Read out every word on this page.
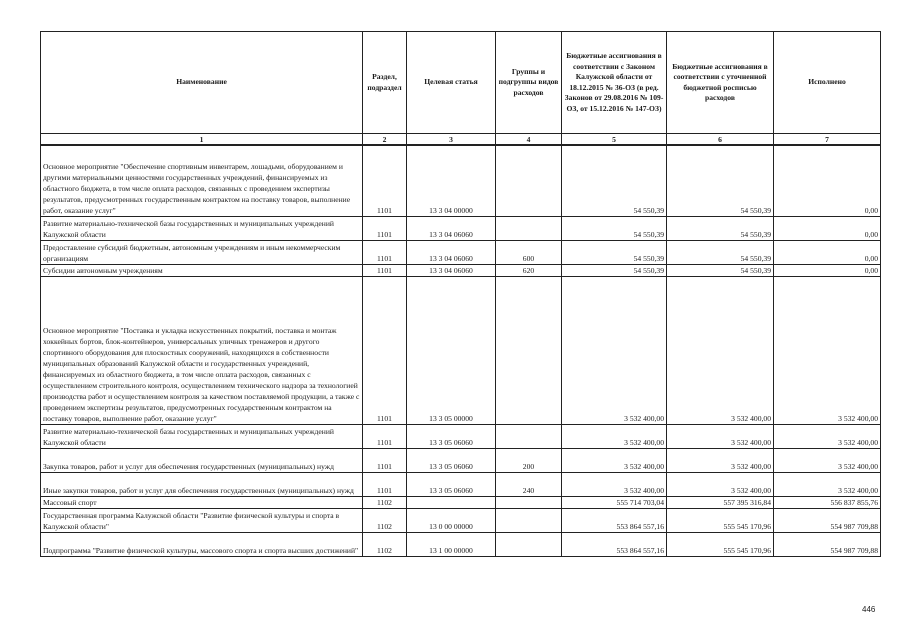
Наименование	Раздел, подраздел	Целевая статья	Группы и подгруппы видов расходов	Бюджетные ассигнования в соответствии с Законом Калужской области от 18.12.2015 № 36-ОЗ (в ред. Законов от 29.08.2016 № 109-ОЗ, от 15.12.2016 № 147-ОЗ)	Бюджетные ассигнования в соответствии с уточненной бюджетной росписью расходов	Исполнено
1	2	3	4	5	6	7
Основное мероприятие "Обеспечение спортивным инвентарем, лошадьми, оборудованием и другими материальными ценностями государственных учреждений, финансируемых из областного бюджета, в том числе оплата расходов, связанных с проведением экспертизы результатов, предусмотренных государственным контрактом на поставку товаров, выполнение работ, оказание услуг"	1101	13 3 04 00000		54 550,39	54 550,39	0,00
Развитие материально-технической базы государственных и муниципальных учреждений Калужской области	1101	13 3 04 06060		54 550,39	54 550,39	0,00
Предоставление субсидий бюджетным, автономным учреждениям и иным некоммерческим организациям	1101	13 3 04 06060	600	54 550,39	54 550,39	0,00
Субсидии автономным учреждениям	1101	13 3 04 06060	620	54 550,39	54 550,39	0,00
Основное мероприятие "Поставка и укладка искусственных покрытий, поставка и монтаж хоккейных бортов, блок-контейнеров, универсальных уличных тренажеров и другого спортивного оборудования для плоскостных сооружений, находящихся в собственности муниципальных образований Калужской области и государственных учреждений, финансируемых из областного бюджета, в том числе оплата расходов, связанных с осуществлением строительного контроля, осуществлением технического надзора за технологией производства работ и осуществлением контроля за качеством поставляемой продукции, а также с проведением экспертизы результатов, предусмотренных государственным контрактом на поставку товаров, выполнение работ, оказание услуг"	1101	13 3 05 00000		3 532 400,00	3 532 400,00	3 532 400,00
Развитие материально-технической базы государственных и муниципальных учреждений Калужской области	1101	13 3 05 06060		3 532 400,00	3 532 400,00	3 532 400,00
Закупка товаров, работ и услуг для обеспечения государственных (муниципальных) нужд	1101	13 3 05 06060	200	3 532 400,00	3 532 400,00	3 532 400,00
Иные закупки товаров, работ и услуг для обеспечения государственных (муниципальных) нужд	1101	13 3 05 06060	240	3 532 400,00	3 532 400,00	3 532 400,00
Массовый спорт	1102			555 714 703,04	557 395 316,84	556 837 855,76
Государственная программа Калужской области "Развитие физической культуры и спорта в Калужской области"	1102	13 0 00 00000		553 864 557,16	555 545 170,96	554 987 709,88
Подпрограмма "Развитие физической культуры, массового спорта и спорта высших достижений"	1102	13 1 00 00000		553 864 557,16	555 545 170,96	554 987 709,88
446
